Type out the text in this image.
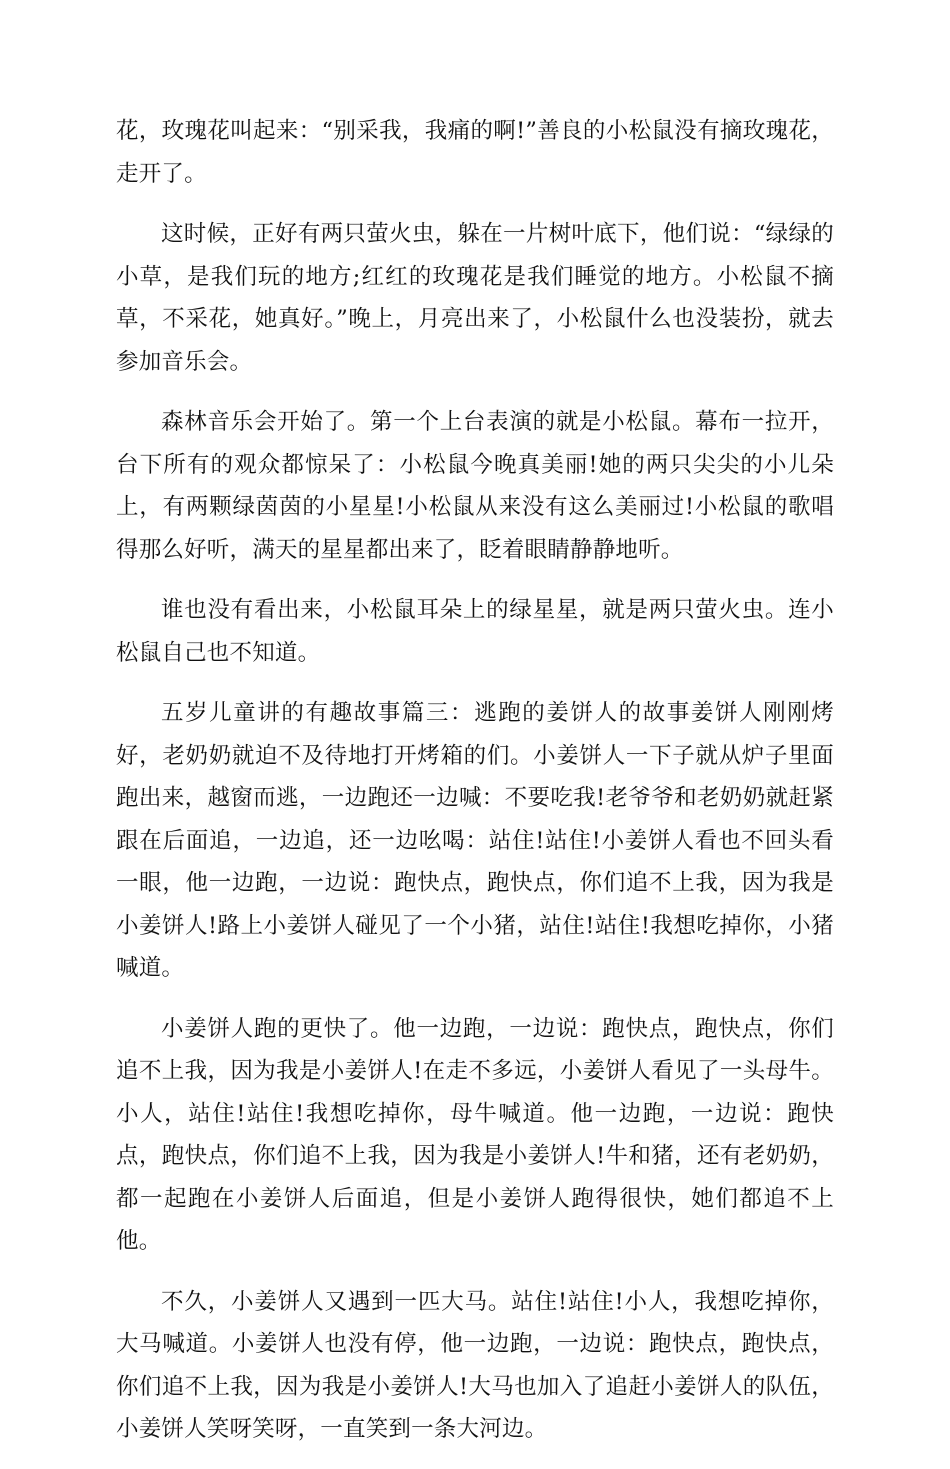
花，玫瑰花叫起来：“别采我，我痛的啊!”善良的小松鼠没有摘玫瑰花，走开了。

这时候，正好有两只萤火虫，躲在一片树叶底下，他们说：“绿绿的小草，是我们玩的地方;红红的玫瑰花是我们睡觉的地方。小松鼠不摘草，不采花，她真好。”晚上，月亮出来了，小松鼠什么也没装扮，就去参加音乐会。

森林音乐会开始了。第一个上台表演的就是小松鼠。幕布一拉开，台下所有的观众都惊呆了：小松鼠今晚真美丽!她的两只尖尖的小儿朵上，有两颗绿茵茵的小星星!小松鼠从来没有这么美丽过!小松鼠的歌唱得那么好听，满天的星星都出来了，眨着眼睛静静地听。

谁也没有看出来，小松鼠耳朵上的绿星星，就是两只萤火虫。连小松鼠自己也不知道。

五岁儿童讲的有趣故事篇三：逃跑的姜饼人的故事姜饼人刚刚烤好，老奶奶就迫不及待地打开烤箱的们。小姜饼人一下子就从炉子里面跑出来，越窗而逃，一边跑还一边喊：不要吃我!老爷爷和老奶奶就赶紧跟在后面追，一边追，还一边吆喝：站住!站住!小姜饼人看也不回头看一眼，他一边跑，一边说：跑快点，跑快点，你们追不上我，因为我是小姜饼人!路上小姜饼人碰见了一个小猪，站住!站住!我想吃掉你，小猪喊道。

小姜饼人跑的更快了。他一边跑，一边说：跑快点，跑快点，你们追不上我，因为我是小姜饼人!在走不多远，小姜饼人看见了一头母牛。小人，站住!站住!我想吃掉你，母牛喊道。他一边跑，一边说：跑快点，跑快点，你们追不上我，因为我是小姜饼人!牛和猪，还有老奶奶，都一起跑在小姜饼人后面追，但是小姜饼人跑得很快，她们都追不上他。

不久，小姜饼人又遇到一匹大马。站住!站住!小人，我想吃掉你，大马喊道。小姜饼人也没有停，他一边跑，一边说：跑快点，跑快点，你们追不上我，因为我是小姜饼人!大马也加入了追赶小姜饼人的队伍，小姜饼人笑呀笑呀，一直笑到一条大河边。
